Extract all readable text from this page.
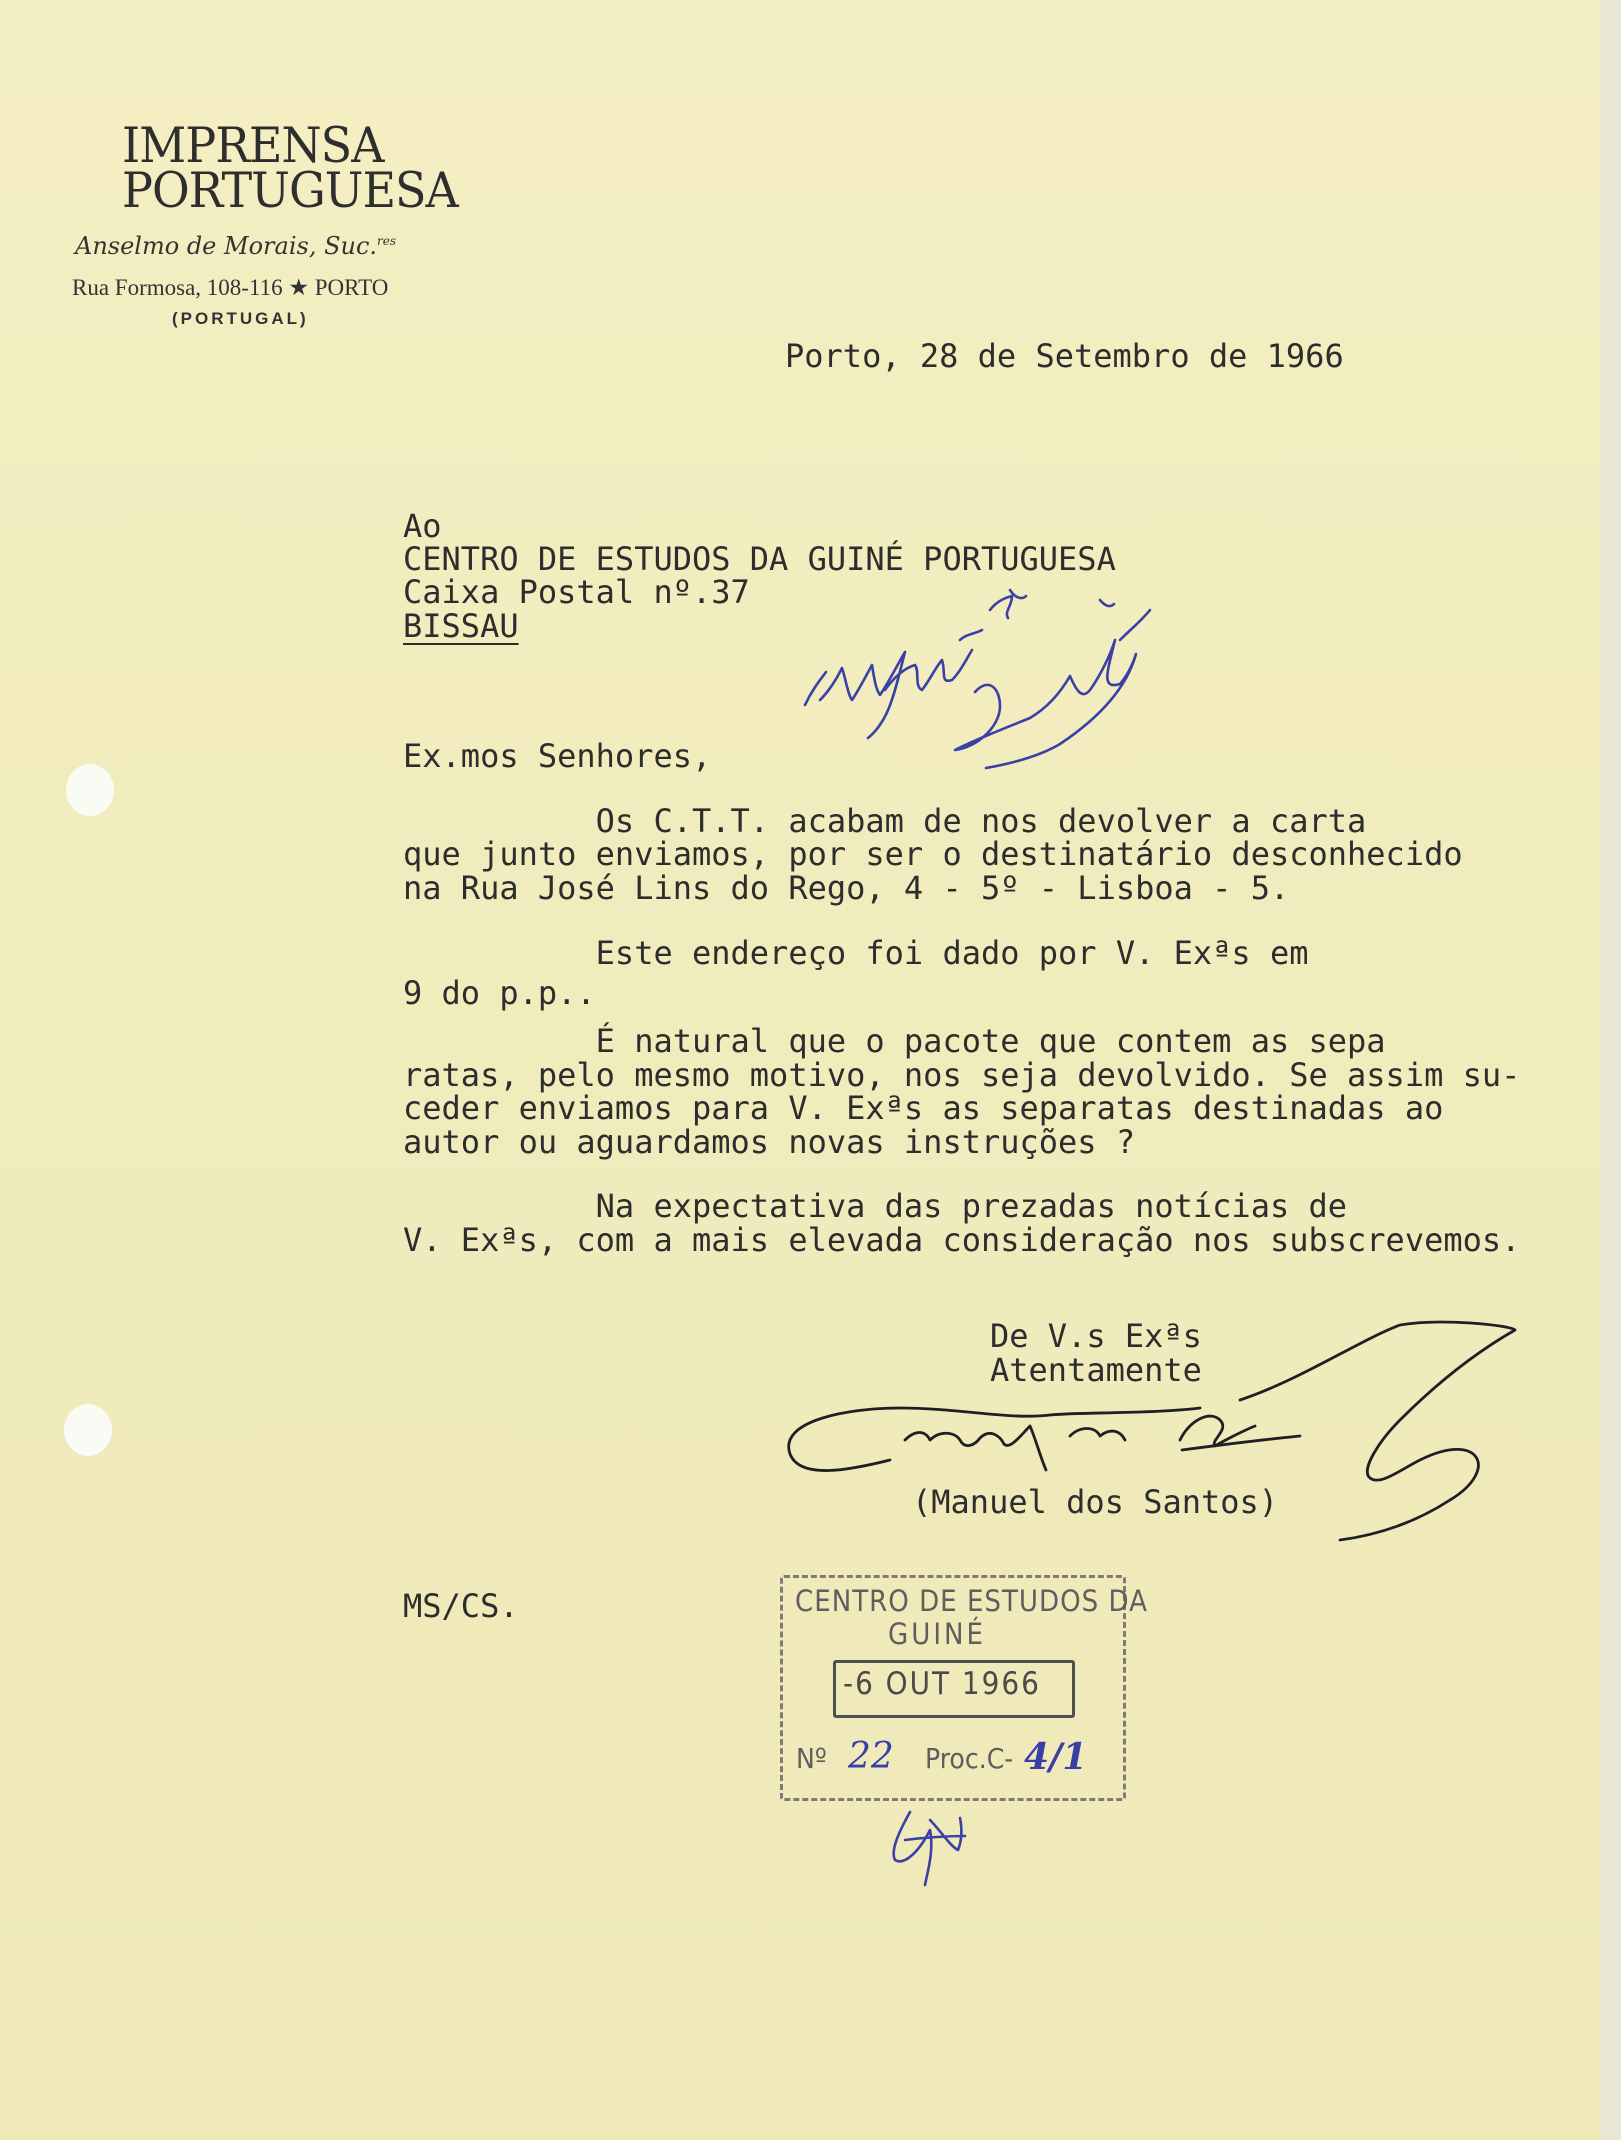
IMPRENSA
PORTUGUESA
Anselmo de Morais, Suc.$^{res}$
Rua Formosa, 108-116 ★ PORTO
(PORTUGAL)
Porto, 28 de Setembro de 1966
Ao
CENTRO DE ESTUDOS DA GUINÉ PORTUGUESA
Caixa Postal nº.37
BISSAU
Ex.mos Senhores,
Os C.T.T. acabam de nos devolver a carta
que junto enviamos, por ser o destinatário desconhecido
na Rua José Lins do Rego, 4 - 5º - Lisboa - 5.
Este endereço foi dado por V. Exªs em
9 do p.p..
É natural que o pacote que contem as sepa
ratas, pelo mesmo motivo, nos seja devolvido. Se assim su-
ceder enviamos para V. Exªs as separatas destinadas ao
autor ou aguardamos novas instruções ?
Na expectativa das prezadas notícias de
V. Exªs, com a mais elevada consideração nos subscrevemos.
De V.s Exªs
Atentamente
(Manuel dos Santos)
MS/CS.	CENTRO DE ESTUDOS DA
GUINÉ
-6 OUT 1966
Nº 22 Proc.C- 4/1
